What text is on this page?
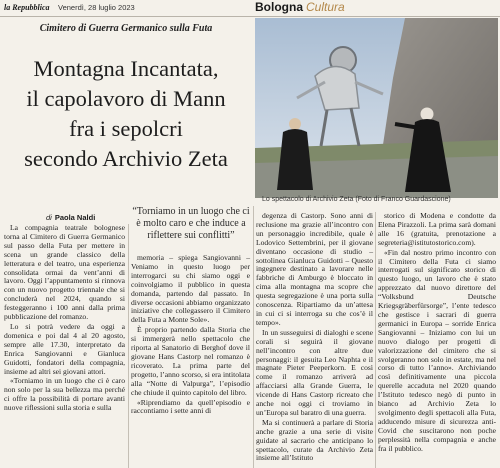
la Repubblica Venerdì, 28 luglio 2023	Bologna Cultura
Cimitero di Guerra Germanico sulla Futa
Montagna Incantata,
il capolavoro di Mann
fra i sepolcri
secondo Archivio Zeta
Lo spettacolo di Archivio Zeta (Foto di Franco Guardascione)
di Paola Naldi
“Torniamo in un luogo che ci è molto caro e che induce a riflettere sui conflitti”

La compagnia teatrale bolognese torna al Cimitero di Guerra Germanico sul passo della Futa per mettere in scena un grande classico della letteratura e del teatro, una esperienza consolidata ormai da vent’anni di lavoro. Oggi l’appuntamento si rinnova con un nuovo progetto triennale che si concluderà nel 2024, quando si festeggeranno i 100 anni dalla prima pubblicazione del romanzo.

Lo si potrà vedere da oggi a domenica e poi dal 4 al 20 agosto, sempre alle 17.30, interpretato da Enrica Sangiovanni e Gianluca Guidotti, fondatori della compagnia, insieme ad altri sei giovani attori.

«Torniamo in un luogo che ci è caro non solo per la sua bellezza ma perché ci offre la possibilità di portare avanti nuove riflessioni sulla storia e sulla

memoria – spiega Sangiovanni – Veniamo in questo luogo per interrogarci su chi siamo oggi e coinvolgiamo il pubblico in questa domanda, partendo dal passato. In diverse occasioni abbiamo organizzato iniziative che collegassero il Cimitero della Futa a Monte Sole».

È proprio partendo dalla Storia che si immergerà nello spettacolo che riporta al Sanatorio di Berghof dove il giovane Hans Castorp nel romanzo è ricoverato. La prima parte del progetto, l’anno scorso, si era intitolata alla “Notte di Valpurga”, l’episodio che chiude il quinto capitolo del libro.

«Riprendiamo da quell’episodio e raccontiamo i sette anni di

degenza di Castorp. Sono anni di reclusione ma grazie all’incontro con un personaggio incredibile, quale è Lodovico Settembrini, per il giovane diventano occasione di studio – sottolinea Gianluca Guidotti – Questo ingegnere destinato a lavorare nelle fabbriche di Amburgo è bloccato in cima alla montagna ma scopre che questa segregazione è una porta sulla conoscenza. Ripartiamo da un’attesa in cui ci si interroga su che cos’è il tempo».

In un susseguirsi di dialoghi e scene corali si seguirà il giovane nell’incontro con altre due personaggi: il gesuita Leo Naphta e il magnate Pieter Peeperkorn. E così come il romanzo arriverà ad affacciarsi alla Grande Guerra, le vicende di Hans Castorp ricreato che anche noi oggi ci troviamo in un’Europa sul baratro di una guerra.

Ma si continuerà a parlare di Storia anche grazie a una serie di visite guidate al sacrario che anticipano lo spettacolo, curate da Archivio Zeta insieme all’Istituto

storico di Modena e condotte da Elena Pirazzoli. La prima sarà domani alle 16 (gratuita, prenotazione a segreteria@istitutostorico.com).

«Fin dal nostro primo incontro con il Cimitero della Futa ci siamo interrogati sul significato storico di questo luogo, un lavoro che è stato apprezzato dal nuovo direttore del “Volksbund Deutsche Kriegsgräberfürsorge”, l’ente tedesco che gestisce i sacrari di guerra germanici in Europa – sorride Enrica Sangiovanni – Iniziamo con lui un nuovo dialogo per progetti di valorizzazione del cimitero che si svolgeranno non solo in estate, ma nel corso di tutto l’anno». Archiviando così definitivamente una piccola querelle accaduta nel 2020 quando l’Istituto tedesco negò di punto in bianco ad Archivio Zeta lo svolgimento degli spettacoli alla Futa, adducendo misure di sicurezza anti-Covid che suscitarono non poche perplessità nella compagnia e anche fra il pubblico.
